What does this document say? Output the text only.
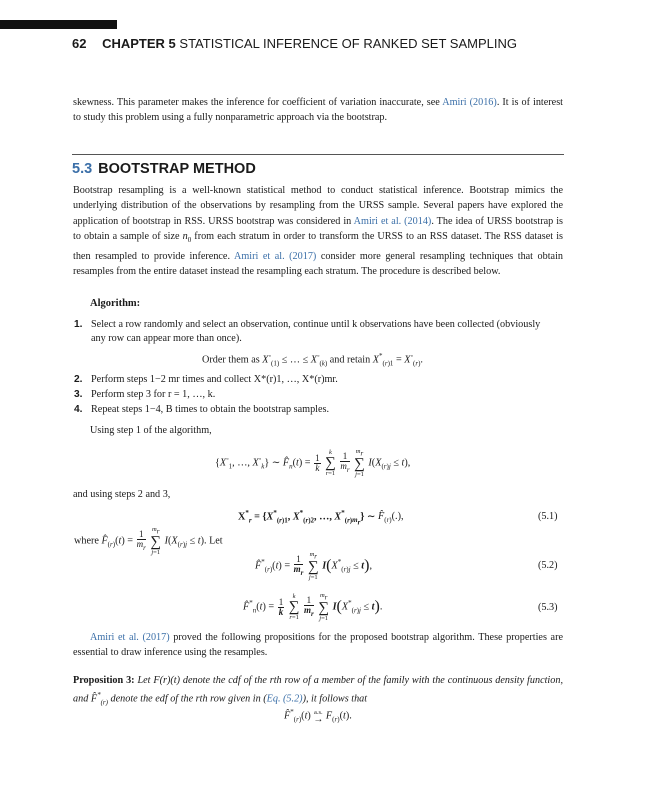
62 CHAPTER 5 STATISTICAL INFERENCE OF RANKED SET SAMPLING
skewness. This parameter makes the inference for coefficient of variation inaccurate, see Amiri (2016). It is of interest to study this problem using a fully nonparametric approach via the bootstrap.
5.3 BOOTSTRAP METHOD
Bootstrap resampling is a well-known statistical method to conduct statistical inference. Bootstrap mimics the underlying distribution of the observations by resampling from the URSS sample. Several papers have explored the application of bootstrap in RSS. URSS bootstrap was considered in Amiri et al. (2014). The idea of URSS bootstrap is to obtain a sample of size $n_0$ from each stratum in order to transform the URSS to an RSS dataset. The RSS dataset is then resampled to provide inference. Amiri et al. (2017) consider more general resampling techniques that obtain resamples from the entire dataset instead the resampling each stratum. The procedure is described below.
Algorithm:
1. Select a row randomly and select an observation, continue until k observations have been collected (obviously any row can appear more than once).
Order them as $X^◦_{(1)}$ ≤ … ≤ $X^◦_{(k)}$ and retain $X^*_{(r)1} = X^◦_{(r)}$.
2. Perform steps 1−2 mr times and collect X*(r)1, …, X*(r)mr.
3. Perform step 3 for r = 1, …, k.
4. Repeat steps 1−4, B times to obtain the bootstrap samples.
Using step 1 of the algorithm,
{$X^◦_1$, …, $X^◦_k$} ∼ $F̂_n(t) = \frac{1}{k}$
k
∑
$r=1 \frac{1}{m_r}$
$m_r$
∑
j=1 $I(X_{(r)j} \le t)$,
and using steps 2 and 3,
$X^*_r = \{X^*_{(r)1}$, $X^*_{(r)2}$, …, $X^*_{(r)m_r}$} ∼ $F̂_{(r)}(.)$,	(5.1)
where $F̂_{(r)}(t) = \frac{1}{m_r}$
$m_r$
∑
j=1 $I(X_{(r)j} \le t)$. Let
$F̂^*_{(r)}(t) = \frac{1}{m_r}$
$m_r$
∑
j=1 $I(X^*_{(r)j} \le t)$,	(5.2)
$F̂^*_n(t) = \frac{1}{k}$
k
∑
$r=1 \frac{1}{m_r}$
$m_r$
∑
j=1 $I(X^*_{(r)j} \le t)$.	(5.3)
Amiri et al. (2017) proved the following propositions for the proposed bootstrap algorithm. These properties are essential to draw inference using the resamples.
Proposition 3: Let F(r)(t) denote the cdf of the rth row of a member of the family with the continuous density function, and $F̂^*_{(r)}$ denote the edf of the rth row given in (Eq. (5.2)), it follows that
$F̂^*_{(r)}(t)$ a.s.
→ $F_{(r)}(t)$.
